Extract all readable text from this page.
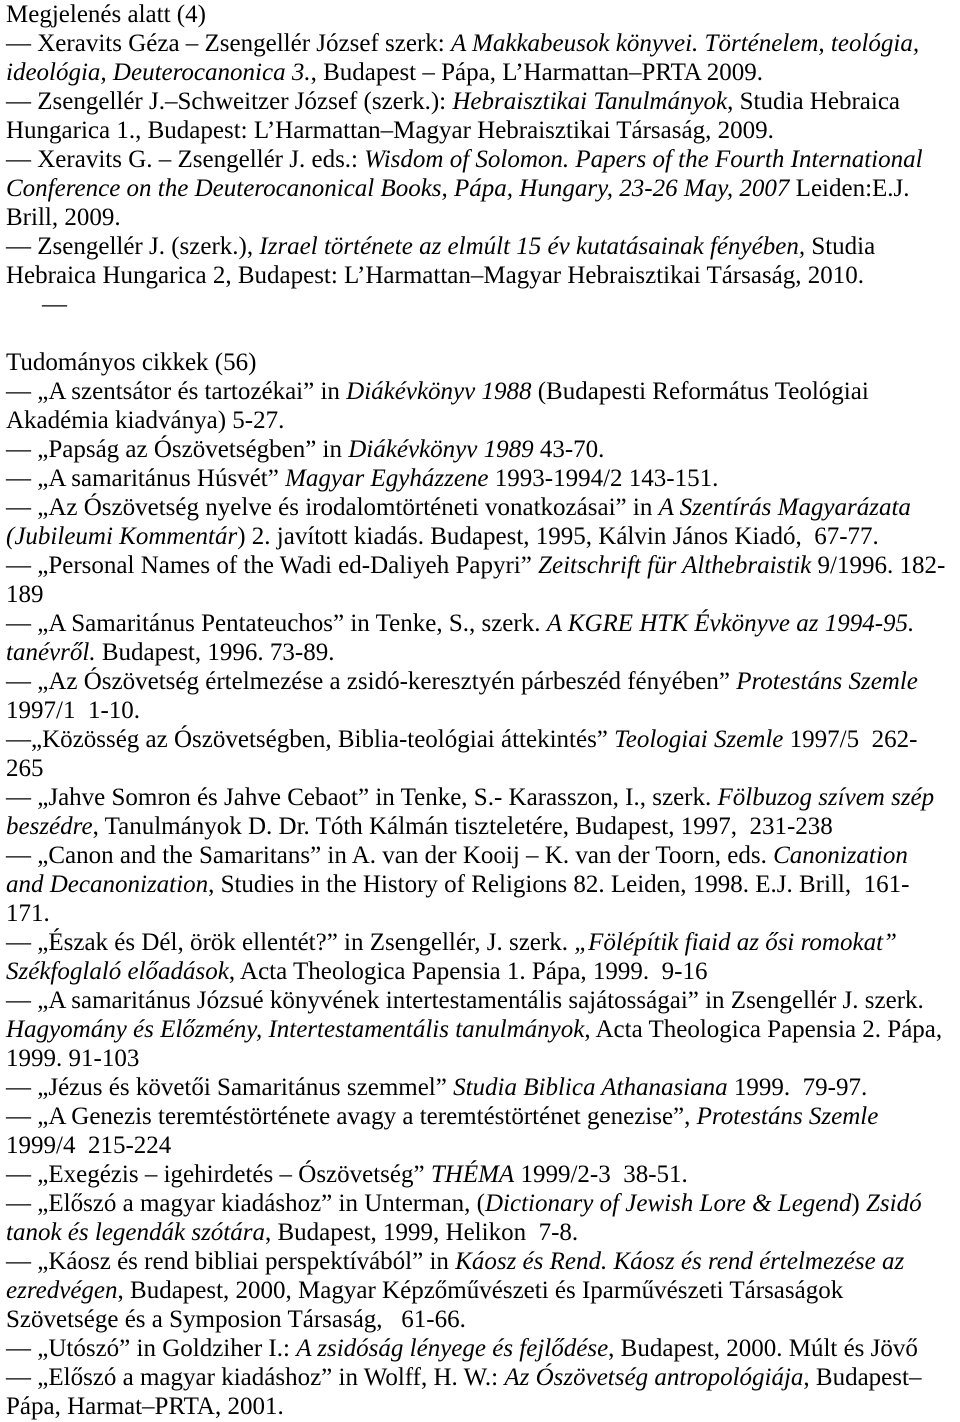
Megjelenés alatt (4)
— Xeravits Géza – Zsengellér József szerk: A Makkabeusok könyvei. Történelem, teológia,
ideológia, Deuterocanonica 3., Budapest – Pápa, L’Harmattan–PRTA 2009.
— Zsengellér J.–Schweitzer József (szerk.): Hebraisztikai Tanulmányok, Studia Hebraica
Hungarica 1., Budapest: L’Harmattan–Magyar Hebraisztikai Társaság, 2009.
— Xeravits G. – Zsengellér J. eds.: Wisdom of Solomon. Papers of the Fourth International
Conference on the Deuterocanonical Books, Pápa, Hungary, 23-26 May, 2007 Leiden:E.J.
Brill, 2009.
— Zsengellér J. (szerk.), Izrael története az elmúlt 15 év kutatásainak fényében, Studia
Hebraica Hungarica 2, Budapest: L’Harmattan–Magyar Hebraisztikai Társaság, 2010.
—
Tudományos cikkek (56)
— „A szentsátor és tartozékai” in Diákévkönyv 1988 (Budapesti Református Teológiai
Akadémia kiadványa) 5-27.
— „Papság az Ószövetségben” in Diákévkönyv 1989 43-70.
— „A samaritánus Húsvét” Magyar Egyházzene 1993-1994/2 143-151.
— „Az Ószövetség nyelve és irodalomtörténeti vonatkozásai” in A Szentírás Magyarázata
(Jubileumi Kommentár) 2. javított kiadás. Budapest, 1995, Kálvin János Kiadó,  67-77.
— „Personal Names of the Wadi ed-Daliyeh Papyri” Zeitschrift für Althebraistik 9/1996. 182-
189
— „A Samaritánus Pentateuchos” in Tenke, S., szerk. A KGRE HTK Évkönyve az 1994-95.
tanévről. Budapest, 1996. 73-89.
— „Az Ószövetség értelmezése a zsidó-keresztyén párbeszéd fényében” Protestáns Szemle
1997/1  1-10.
—„Közösség az Ószövetségben, Biblia-teológiai áttekintés” Teologiai Szemle 1997/5  262-
265
— „Jahve Somron és Jahve Cebaot” in Tenke, S.- Karasszon, I., szerk. Fölbuzog szívem szép
beszédre, Tanulmányok D. Dr. Tóth Kálmán tiszteletére, Budapest, 1997,  231-238
— „Canon and the Samaritans” in A. van der Kooij – K. van der Toorn, eds. Canonization
and Decanonization, Studies in the History of Religions 82. Leiden, 1998. E.J. Brill,  161-
171.
— „Észak és Dél, örök ellentét?” in Zsengellér, J. szerk. „Fölépítik fiaid az ősi romokat”
Székfoglaló előadások, Acta Theologica Papensia 1. Pápa, 1999.  9-16
— „A samaritánus Józsué könyvének intertestamentális sajátosságai” in Zsengellér J. szerk.
Hagyomány és Előzmény, Intertestamentális tanulmányok, Acta Theologica Papensia 2. Pápa,
1999. 91-103
— „Jézus és követői Samaritánus szemmel” Studia Biblica Athanasiana 1999.  79-97.
— „A Genezis teremtéstörténete avagy a teremtéstörténet genezise”, Protestáns Szemle
1999/4  215-224
— „Exegézis – igehirdetés – Ószövetség” THÉMA 1999/2-3  38-51.
— „Előszó a magyar kiadáshoz” in Unterman, (Dictionary of Jewish Lore & Legend) Zsidó
tanok és legendák szótára, Budapest, 1999, Helikon  7-8.
— „Káosz és rend bibliai perspektívából” in Káosz és Rend. Káosz és rend értelmezése az
ezredvégen, Budapest, 2000, Magyar Képzőművészeti és Iparművészeti Társaságok
Szövetsége és a Symposion Társaság,   61-66.
— „Utószó” in Goldziher I.: A zsidóság lényege és fejlődése, Budapest, 2000. Múlt és Jövő
— „Előszó a magyar kiadáshoz” in Wolff, H. W.: Az Ószövetség antropológiája, Budapest–
Pápa, Harmat–PRTA, 2001.
